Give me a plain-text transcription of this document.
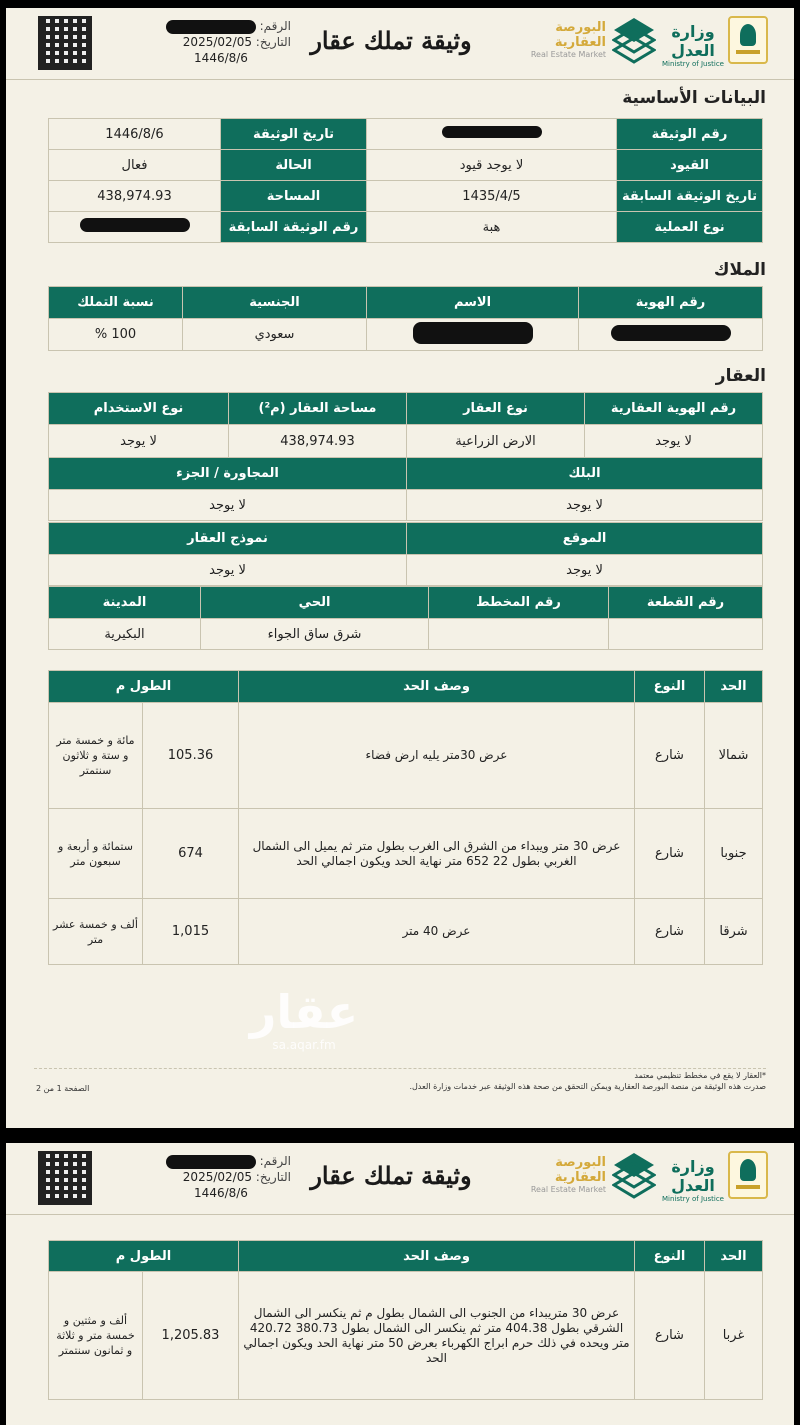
الرقم:
التاريخ: 2025/02/05
1446/8/6
وثيقة تملك عقار	البورصة العقارية
Real Estate Market
وزارة العدل
Ministry of Justice
البيانات الأساسية
رقم الوثيقة		تاريخ الوثيقة	1446/8/6
القيود	لا يوجد قيود	الحالة	فعال
تاريخ الوثيقة السابقة	1435/4/5	المساحة	438,974.93
نوع العملية	هبة	رقم الوثيقة السابقة	
الملاك
رقم الهوية	الاسم	الجنسية	نسبة التملك
		سعودي	% 100
العقار
رقم الهوية العقارية	نوع العقار	مساحة العقار (م²)	نوع الاستخدام
لا يوجد	الارض الزراعية	438,974.93	لا يوجد
البلك	المجاورة / الجزء
لا يوجد	لا يوجد
الموقع	نموذج العقار
لا يوجد	لا يوجد
رقم القطعة	رقم المخطط	الحي	المدينة
		شرق ساق الجواء	البكيرية
الحد	النوع	وصف الحد	الطول م	
شمالا	شارع	عرض 30متر يليه ارض فضاء	105.36	مائة و خمسة متر و ستة و ثلاثون سنتمتر
جنوبا	شارع	عرض 30 متر ويبداء من الشرق الى الغرب بطول متر ثم يميل الى الشمال الغربي بطول 22 652 متر نهاية الحد ويكون اجمالي الحد	674	ستمائة و أربعة و سبعون متر
شرقا	شارع	عرض 40 متر	1,015	ألف و خمسة عشر متر
عقار
sa.aqar.fm
*العقار لا يقع في مخطط تنظيمي معتمد
صدرت هذه الوثيقة من منصة البورصة العقارية ويمكن التحقق من صحة هذه الوثيقة عبر خدمات وزارة العدل.
الصفحة 1 من 2
الرقم:
التاريخ: 2025/02/05
1446/8/6
وثيقة تملك عقار	البورصة العقارية
Real Estate Market
وزارة العدل
Ministry of Justice
الحد	النوع	وصف الحد	الطول م	
غربا	شارع	عرض 30 متريبداء من الجنوب الى الشمال بطول م ثم ينكسر الى الشمال الشرقي بطول 404.38 متر ثم ينكسر الى الشمال بطول 380.73 420.72 متر ويحده في ذلك حرم ابراج الكهرباء بعرض 50 متر نهاية الحد ويكون اجمالي الحد	1,205.83	ألف و مثتين و خمسة متر و ثلاثة و ثمانون سنتمتر
